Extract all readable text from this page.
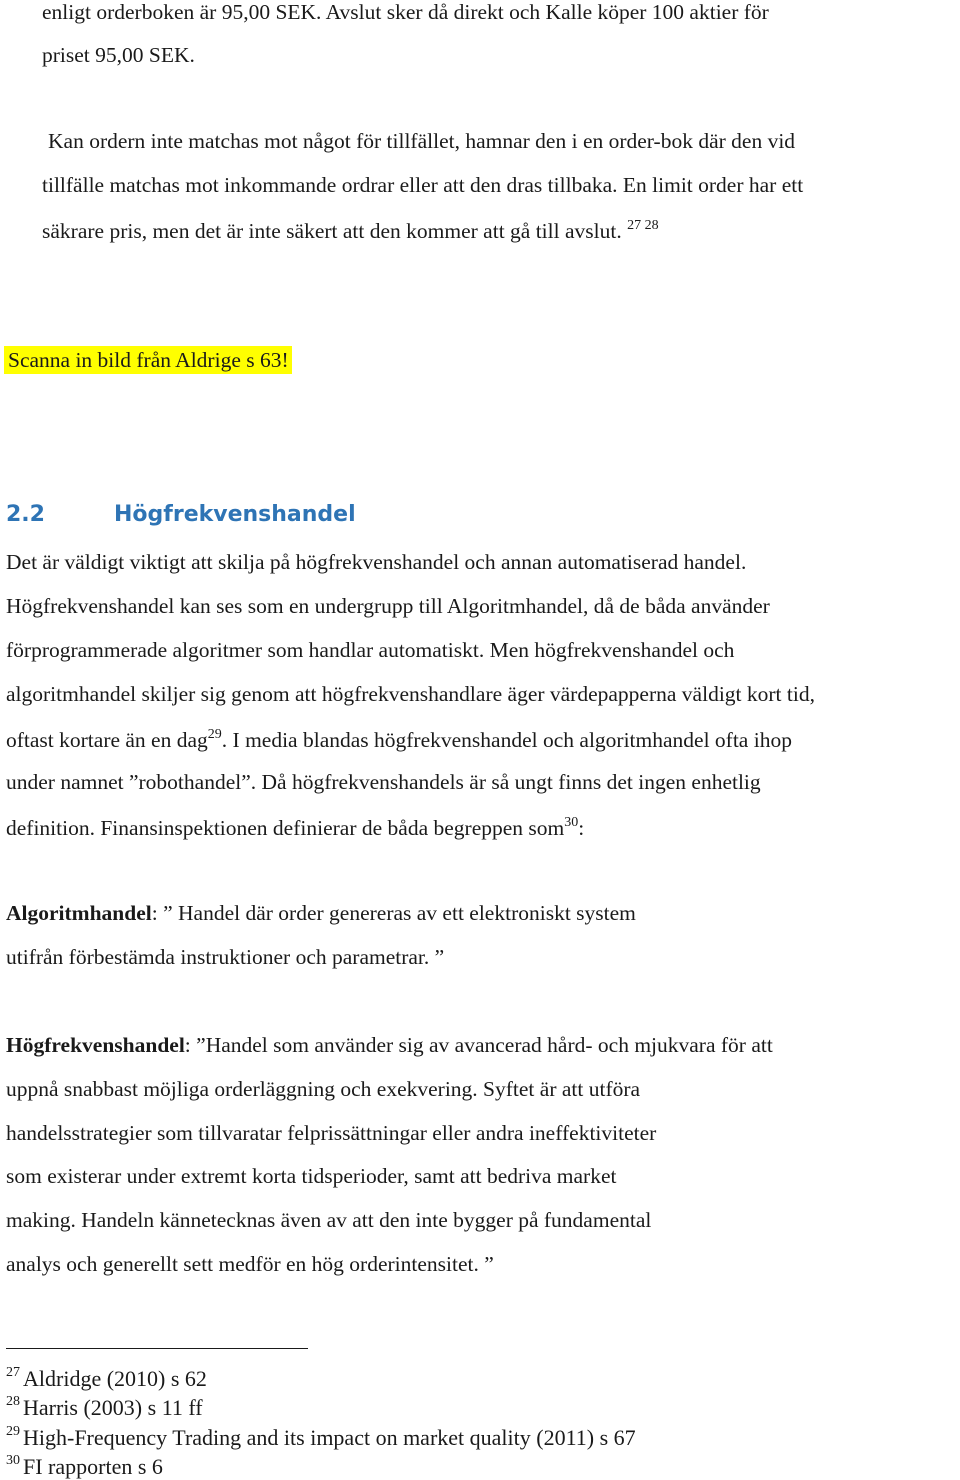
enligt orderboken är 95,00 SEK. Avslut sker då direkt och Kalle köper 100 aktier för
priset 95,00 SEK.
Kan ordern inte matchas mot något för tillfället, hamnar den i en order-bok där den vid
tillfälle matchas mot inkommande ordrar eller att den dras tillbaka. En limit order har ett
säkrare pris, men det är inte säkert att den kommer att gå till avslut. $^{27 28}$
Scanna in bild från Aldrige s 63!
2.2	Högfrekvenshandel
Det är väldigt viktigt att skilja på högfrekvenshandel och annan automatiserad handel.
Högfrekvenshandel kan ses som en undergrupp till Algoritmhandel, då de båda använder
förprogrammerade algoritmer som handlar automatiskt. Men högfrekvenshandel och
algoritmhandel skiljer sig genom att högfrekvenshandlare äger värdepapperna väldigt kort tid,
oftast kortare än en dag$^{29}$. I media blandas högfrekvenshandel och algoritmhandel ofta ihop
under namnet ”robothandel”. Då högfrekvenshandels är så ungt finns det ingen enhetlig
definition. Finansinspektionen definierar de båda begreppen som$^{30}$:
Algoritmhandel: ” Handel där order genereras av ett elektroniskt system
utifrån förbestämda instruktioner och parametrar. ”
Högfrekvenshandel: ”Handel som använder sig av avancerad hård- och mjukvara för att
uppnå snabbast möjliga orderläggning och exekvering. Syftet är att utföra
handelsstrategier som tillvaratar felprissättningar eller andra ineffektiviteter
som existerar under extremt korta tidsperioder, samt att bedriva market
making. Handeln kännetecknas även av att den inte bygger på fundamental
analys och generellt sett medför en hög orderintensitet. ”
$^{27}$ Aldridge (2010) s 62
$^{28}$ Harris (2003) s 11 ff
$^{29}$ High-Frequency Trading and its impact on market quality (2011) s 67
$^{30}$ FI rapporten s 6
